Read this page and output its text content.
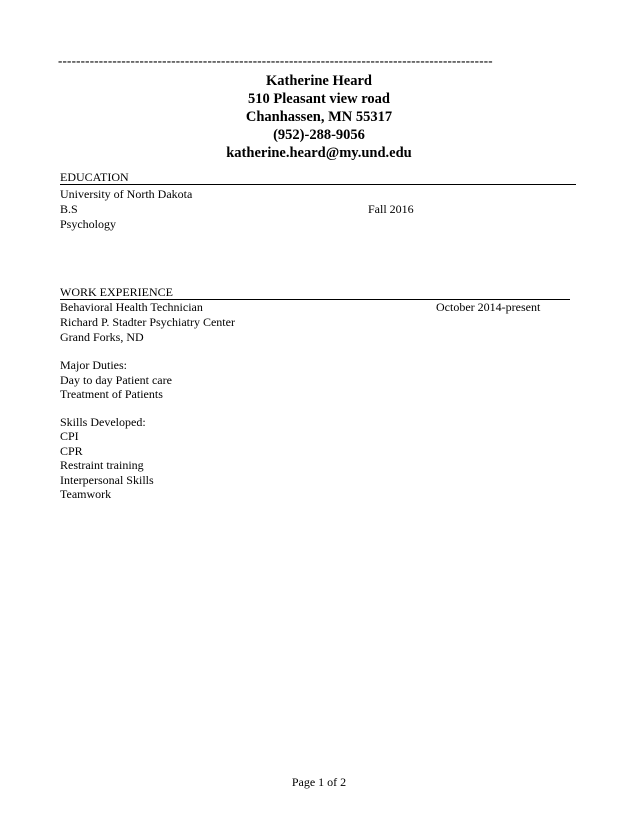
------------------------------------------------------------------------------------------------
Katherine Heard
510 Pleasant view road
Chanhassen, MN 55317
(952)-288-9056
katherine.heard@my.und.edu
EDUCATION
University of North Dakota
B.S	Fall 2016
Psychology
WORK EXPERIENCE
Behavioral Health Technician	October 2014-present
Richard P. Stadter Psychiatry Center
Grand Forks, ND
Major Duties:
Day to day Patient care
Treatment of Patients
Skills Developed:
CPI
CPR
Restraint training
Interpersonal Skills
Teamwork
Page 1 of 2
